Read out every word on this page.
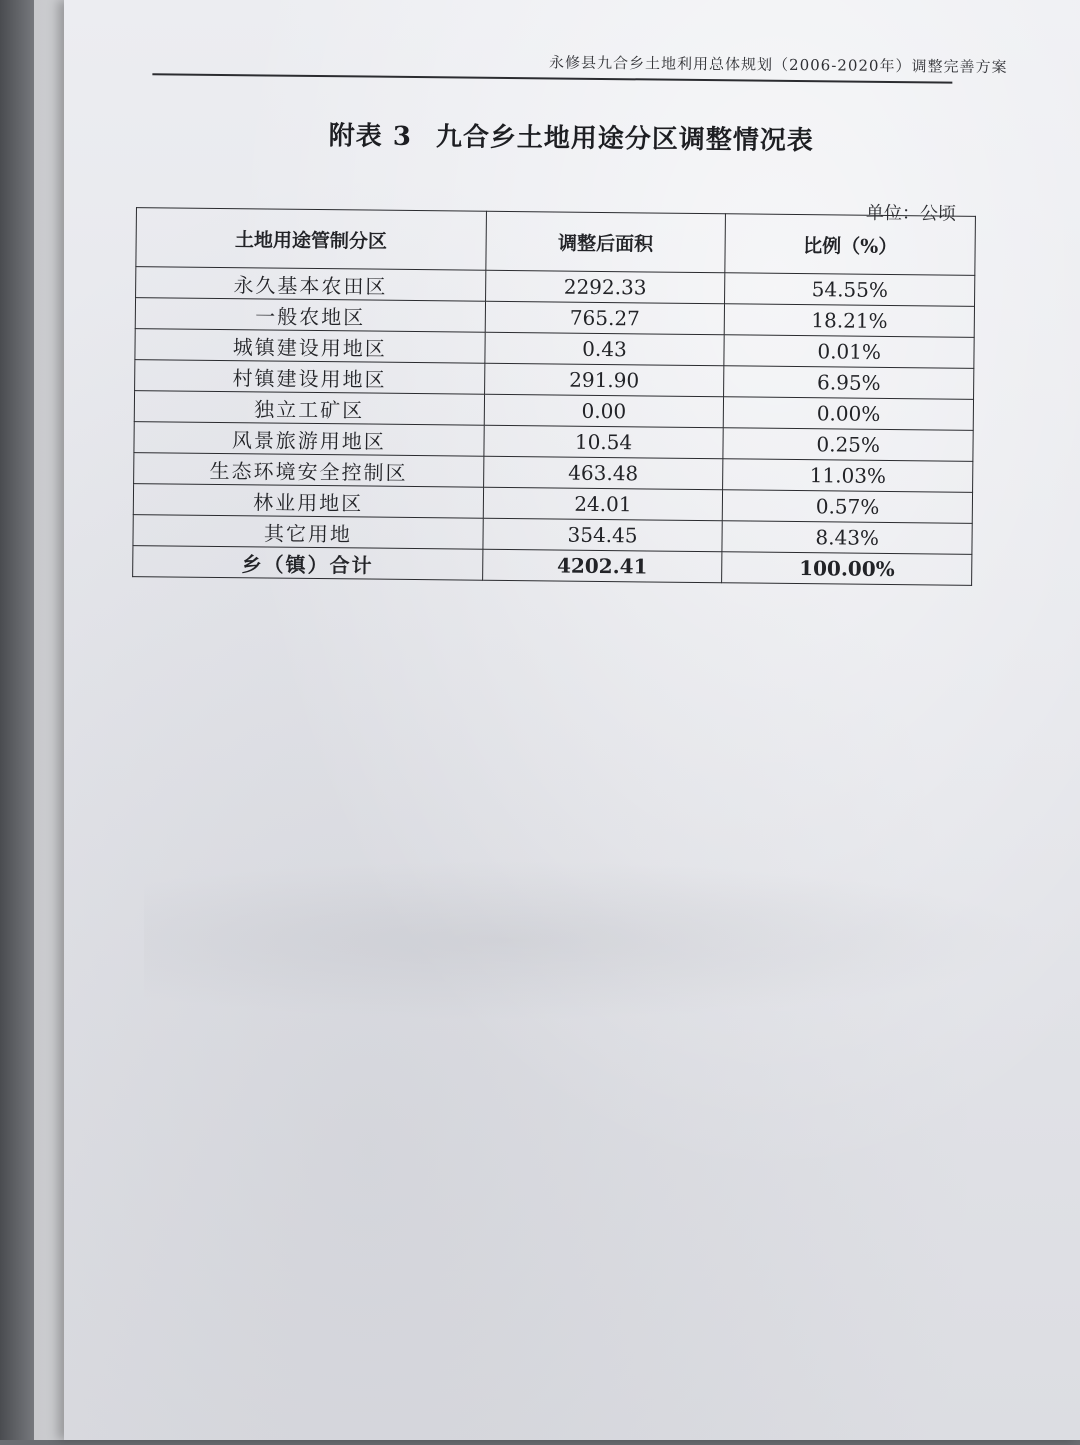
永修县九合乡土地利用总体规划（2006-2020年）调整完善方案
附表 3 九合乡土地用途分区调整情况表
单位：公顷
土地用途管制分区	调整后面积	比例（%）
永久基本农田区	2292.33	54.55%
一般农地区	765.27	18.21%
城镇建设用地区	0.43	0.01%
村镇建设用地区	291.90	6.95%
独立工矿区	0.00	0.00%
风景旅游用地区	10.54	0.25%
生态环境安全控制区	463.48	11.03%
林业用地区	24.01	0.57%
其它用地	354.45	8.43%
乡（镇）合计	4202.41	100.00%
